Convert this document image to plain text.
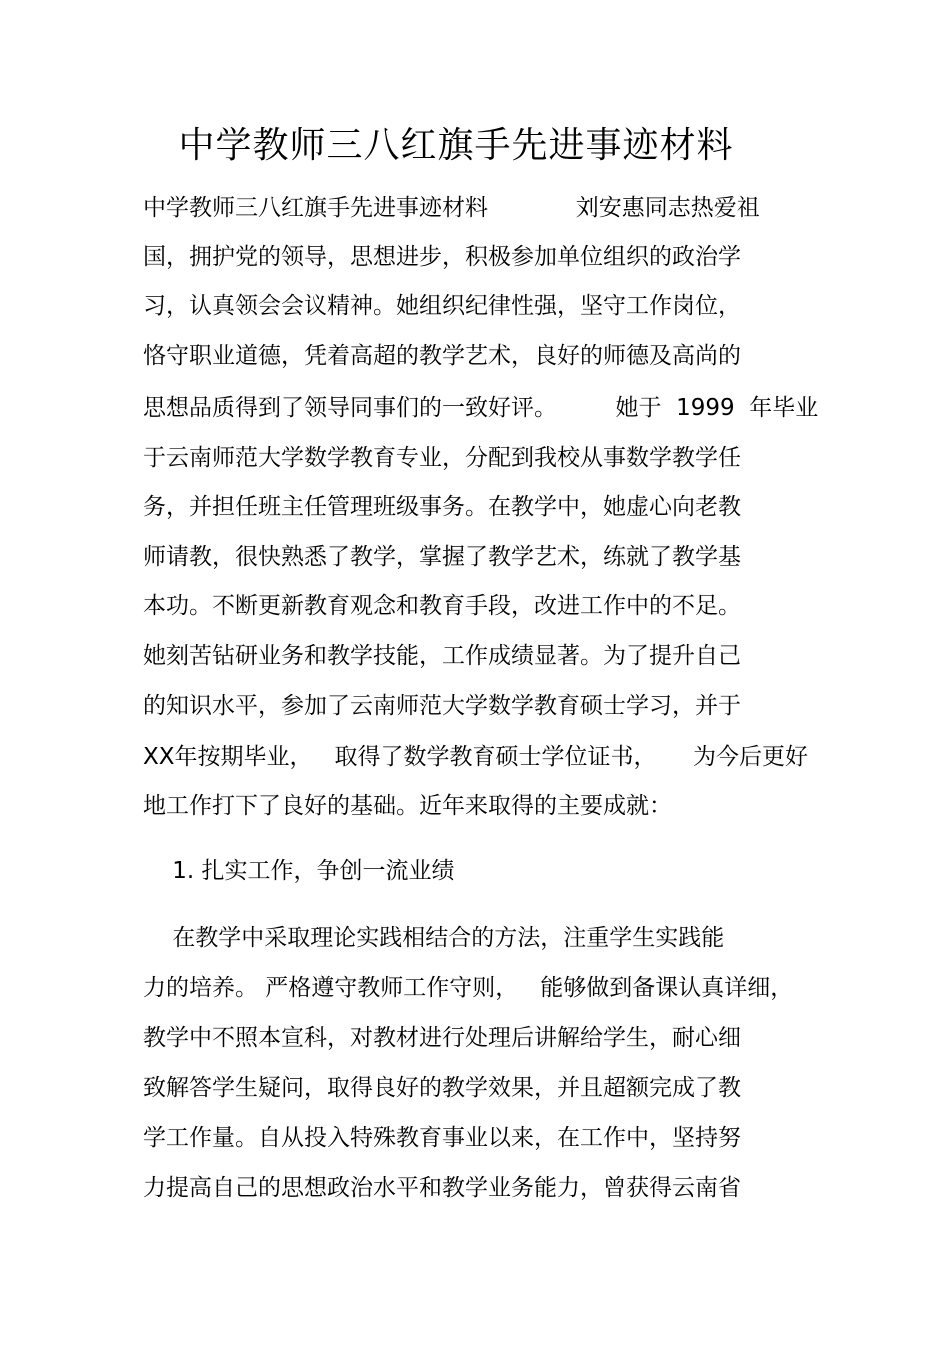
中学教师三八红旗手先进事迹材料
中学教师三八红旗手先进事迹材料            刘安惠同志热爱祖
国，拥护党的领导，思想进步，积极参加单位组织的政治学
习，认真领会会议精神。她组织纪律性强，坚守工作岗位，
恪守职业道德，凭着高超的教学艺术，良好的师德及高尚的
思想品质得到了领导同事们的一致好评。        她于  1999  年毕业
于云南师范大学数学教育专业，分配到我校从事数学教学任
务，并担任班主任管理班级事务。在教学中，她虚心向老教
师请教，很快熟悉了教学，掌握了教学艺术，练就了教学基
本功。不断更新教育观念和教育手段，改进工作中的不足。
她刻苦钻研业务和教学技能，工作成绩显著。为了提升自己
的知识水平，参加了云南师范大学数学教育硕士学习，并于
XX年按期毕业，   取得了数学教育硕士学位证书，     为今后更好
地工作打下了良好的基础。近年来取得的主要成就：
1. 扎实工作，争创一流业绩
在教学中采取理论实践相结合的方法，注重学生实践能
力的培养。 严格遵守教师工作守则，   能够做到备课认真详细，
教学中不照本宣科，对教材进行处理后讲解给学生，耐心细
致解答学生疑问，取得良好的教学效果，并且超额完成了教
学工作量。自从投入特殊教育事业以来，在工作中，坚持努
力提高自己的思想政治水平和教学业务能力，曾获得云南省
